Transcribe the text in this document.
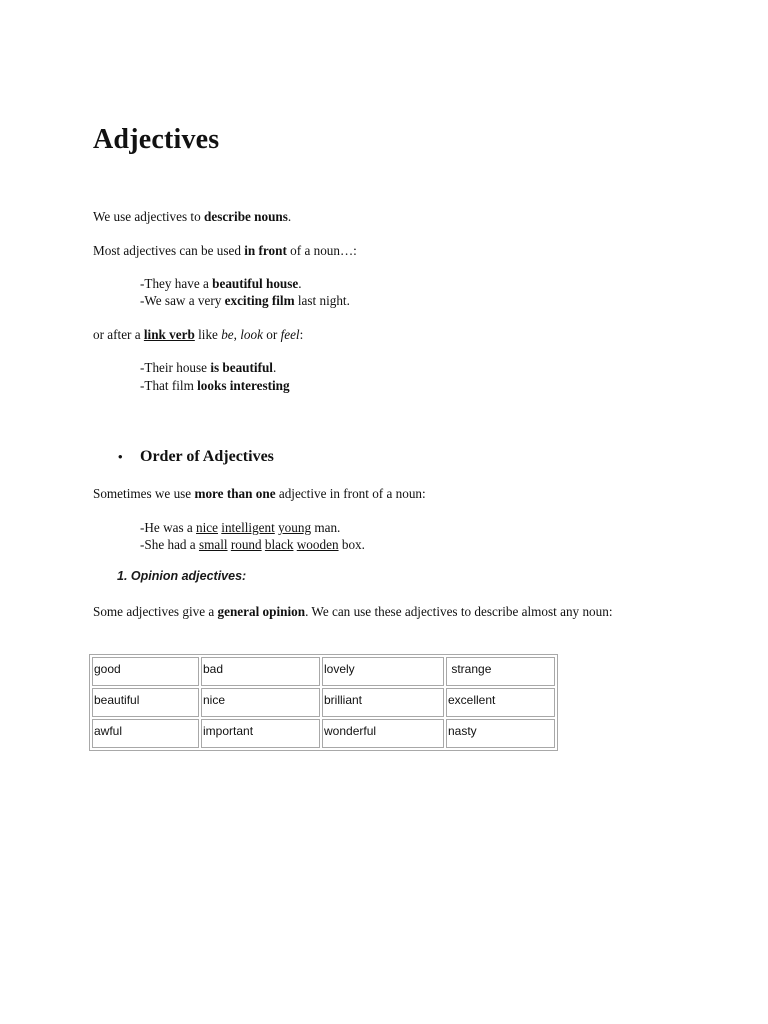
Adjectives
We use adjectives to describe nouns.
Most adjectives can be used in front of a noun…:
-They have a beautiful house.
-We saw a very exciting film last night.
or after a link verb like be, look or feel:
-Their house is beautiful.
-That film looks interesting
• Order of Adjectives
Sometimes we use more than one adjective in front of a noun:
-He was a nice intelligent young man.
-She had a small round black wooden box.
1. Opinion adjectives:
Some adjectives give a general opinion. We can use these adjectives to describe almost any noun:
good	bad	lovely	strange
beautiful	nice	brilliant	excellent
awful	important	wonderful	nasty
